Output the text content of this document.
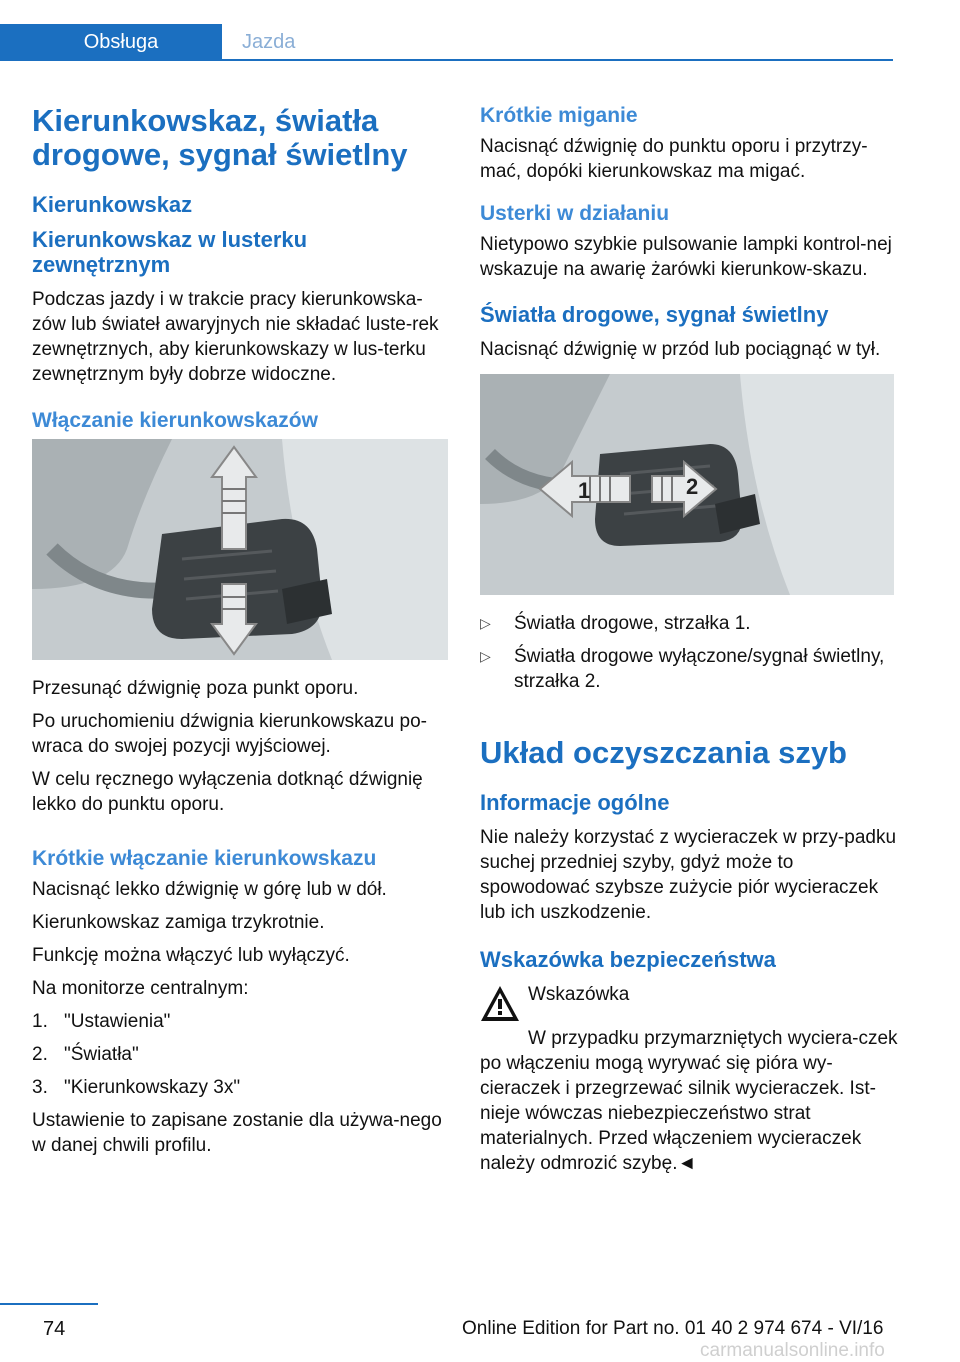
Obsługa	Jazda
Kierunkowskaz, światła drogowe, sygnał świetlny
Kierunkowskaz
Kierunkowskaz w lusterku zewnętrznym

Podczas jazdy i w trakcie pracy kierunkowska‐zów lub świateł awaryjnych nie składać luste‐rek zewnętrznych, aby kierunkowskazy w lus‐terku zewnętrznym były dobrze widoczne.

Włączanie kierunkowskazów

Przesunąć dźwignię poza punkt oporu.

Po uruchomieniu dźwignia kierunkowskazu po‐wraca do swojej pozycji wyjściowej.

W celu ręcznego wyłączenia dotknąć dźwignię lekko do punktu oporu.

Krótkie włączanie kierunkowskazu

Nacisnąć lekko dźwignię w górę lub w dół.

Kierunkowskaz zamiga trzykrotnie.

Funkcję można włączyć lub wyłączyć.

Na monitorze centralnym:

1. "Ustawienia"
2. "Światła"
3. "Kierunkowskazy 3x"

Ustawienie to zapisane zostanie dla używa‐nego w danej chwili profilu.

Krótkie miganie

Nacisnąć dźwignię do punktu oporu i przytrzy‐mać, dopóki kierunkowskaz ma migać.

Usterki w działaniu

Nietypowo szybkie pulsowanie lampki kontrol‐nej wskazuje na awarię żarówki kierunkow‐skazu.

Światła drogowe, sygnał świetlny

Nacisnąć dźwignię w przód lub pociągnąć w tył.

1	2
▷	Światła drogowe, strzałka 1.
▷	Światła drogowe wyłączone/sygnał świetlny, strzałka 2.
Układ oczyszczania szyb
Informacje ogólne

Nie należy korzystać z wycieraczek w przy‐padku suchej przedniej szyby, gdyż może to spowodować szybsze zużycie piór wycieraczek lub ich uszkodzenie.

Wskazówka bezpieczeństwa

Wskazówka

W przypadku przymarzniętych wyciera‐czek po włączeniu mogą wyrywać się pióra wy‐cieraczek i przegrzewać silnik wycieraczek. Ist‐nieje wówczas niebezpieczeństwo strat materialnych. Przed włączeniem wycieraczek należy odmrozić szybę.◄

74	Online Edition for Part no. 01 40 2 974 674 - VI/16
carmanualsonline.info
